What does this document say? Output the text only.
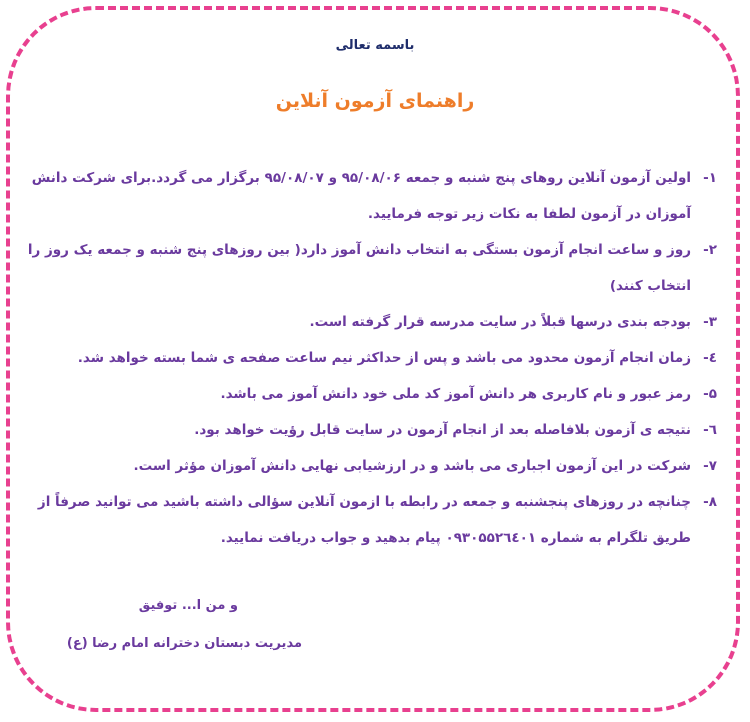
باسمه تعالی
راهنمای آزمون آنلاین
۱-
اولین آزمون آنلاین روهای پنج شنبه و جمعه ۹۵/۰۸/۰۶ و ۹۵/۰۸/۰۷ برگزار می گردد.برای شرکت دانش آموزان در آزمون لطفا به نکات زیر توجه فرمایید.
۲-
روز و ساعت انجام آزمون بستگی به انتخاب دانش آموز دارد( بین روزهای پنج شنبه و جمعه یک روز را انتخاب کنند)
۳-
بودجه بندی درسها قبلاً در سایت مدرسه قرار گرفته است.
٤-
زمان انجام آزمون محدود می باشد و پس از حداکثر نیم ساعت صفحه ی شما بسته خواهد شد.
۵-
رمز عبور و نام کاربری هر دانش آموز کد ملی خود دانش آموز می باشد.
٦-
نتیجه ی آزمون بلافاصله بعد از انجام آزمون در سایت قابل رؤیت خواهد بود.
۷-
شرکت در این آزمون اجباری می باشد و در ارزشیابی نهایی دانش آموزان مؤثر است.
۸-
چنانچه در روزهای پنجشنبه و جمعه در رابطه با ازمون آنلاین سؤالی داشته باشید می توانید صرفاً از طریق تلگرام به شماره ۰۹۳۰۵۵۲٦٤۰۱ پیام بدهید و جواب دریافت نمایید.
و من ا... توفیق
مدیریت دبستان دخترانه امام رضا (ع)
